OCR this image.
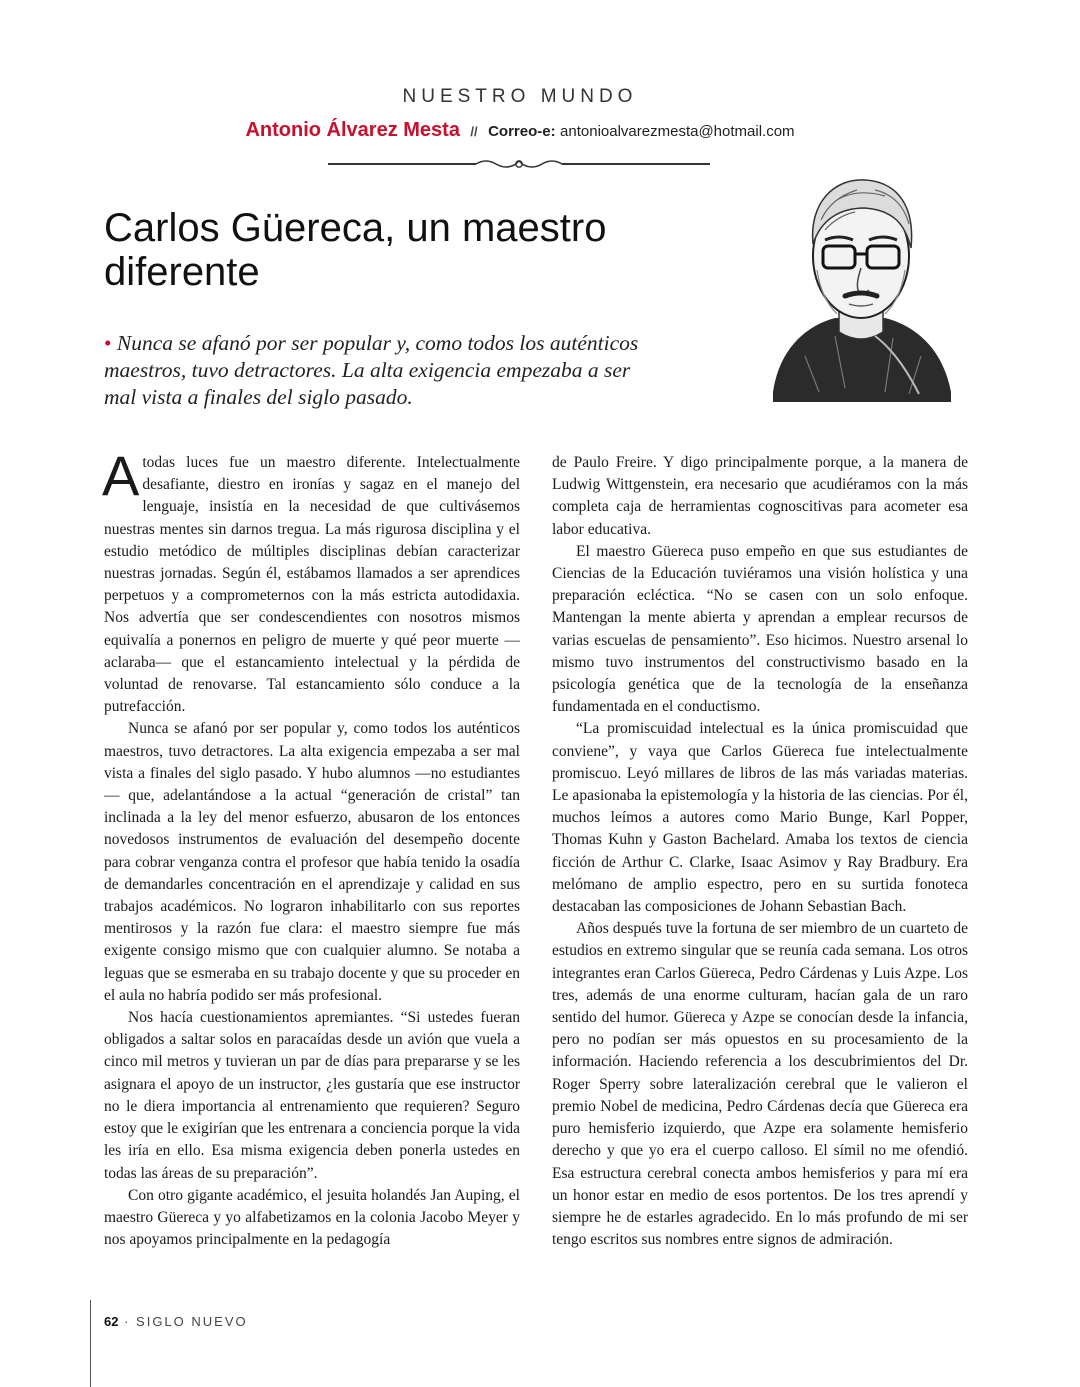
NUESTRO MUNDO
Antonio Álvarez Mesta // Correo-e: antonioalvarezmesta@hotmail.com
Carlos Güereca, un maestro diferente

• Nunca se afanó por ser popular y, como todos los auténticos maestros, tuvo detractores. La alta exigencia empezaba a ser mal vista a finales del siglo pasado.

Atodas luces fue un maestro diferente. Intelectualmente desafiante, diestro en ironías y sagaz en el manejo del lenguaje, insistía en la necesidad de que cultivásemos nuestras mentes sin darnos tregua. La más rigurosa disciplina y el estudio metódico de múltiples disciplinas debían caracterizar nuestras jornadas. Según él, estábamos llamados a ser aprendices perpetuos y a comprometernos con la más estricta autodidaxia. Nos advertía que ser condescendientes con nosotros mismos equivalía a ponernos en peligro de muerte y qué peor muerte —aclaraba— que el estancamiento intelectual y la pérdida de voluntad de renovarse. Tal estancamiento sólo conduce a la putrefacción.

Nunca se afanó por ser popular y, como todos los auténticos maestros, tuvo detractores. La alta exigencia empezaba a ser mal vista a finales del siglo pasado. Y hubo alumnos —no estudiantes— que, adelantándose a la actual “generación de cristal” tan inclinada a la ley del menor esfuerzo, abusaron de los entonces novedosos instrumentos de evaluación del desempeño docente para cobrar venganza contra el profesor que había tenido la osadía de demandarles concentración en el aprendizaje y calidad en sus trabajos académicos. No lograron inhabilitarlo con sus reportes mentirosos y la razón fue clara: el maestro siempre fue más exigente consigo mismo que con cualquier alumno. Se notaba a leguas que se esmeraba en su trabajo docente y que su proceder en el aula no habría podido ser más profesional.

Nos hacía cuestionamientos apremiantes. “Si ustedes fueran obligados a saltar solos en paracaídas desde un avión que vuela a cinco mil metros y tuvieran un par de días para prepararse y se les asignara el apoyo de un instructor, ¿les gustaría que ese instructor no le diera importancia al entrenamiento que requieren? Seguro estoy que le exigirían que les entrenara a conciencia porque la vida les iría en ello. Esa misma exigencia deben ponerla ustedes en todas las áreas de su preparación”.

Con otro gigante académico, el jesuita holandés Jan Auping, el maestro Güereca y yo alfabetizamos en la colonia Jacobo Meyer y nos apoyamos principalmente en la pedagogía

de Paulo Freire. Y digo principalmente porque, a la manera de Ludwig Wittgenstein, era necesario que acudiéramos con la más completa caja de herramientas cognoscitivas para acometer esa labor educativa.

El maestro Güereca puso empeño en que sus estudiantes de Ciencias de la Educación tuviéramos una visión holística y una preparación ecléctica. “No se casen con un solo enfoque. Mantengan la mente abierta y aprendan a emplear recursos de varias escuelas de pensamiento”. Eso hicimos. Nuestro arsenal lo mismo tuvo instrumentos del constructivismo basado en la psicología genética que de la tecnología de la enseñanza fundamentada en el conductismo.

“La promiscuidad intelectual es la única promiscuidad que conviene”, y vaya que Carlos Güereca fue intelectualmente promiscuo. Leyó millares de libros de las más variadas materias. Le apasionaba la epistemología y la historia de las ciencias. Por él, muchos leímos a autores como Mario Bunge, Karl Popper, Thomas Kuhn y Gaston Bachelard. Amaba los textos de ciencia ficción de Arthur C. Clarke, Isaac Asimov y Ray Bradbury. Era melómano de amplio espectro, pero en su surtida fonoteca destacaban las composiciones de Johann Sebastian Bach.

Años después tuve la fortuna de ser miembro de un cuarteto de estudios en extremo singular que se reunía cada semana. Los otros integrantes eran Carlos Güereca, Pedro Cárdenas y Luis Azpe. Los tres, además de una enorme culturam, hacían gala de un raro sentido del humor. Güereca y Azpe se conocían desde la infancia, pero no podían ser más opuestos en su procesamiento de la información. Haciendo referencia a los descubrimientos del Dr. Roger Sperry sobre lateralización cerebral que le valieron el premio Nobel de medicina, Pedro Cárdenas decía que Güereca era puro hemisferio izquierdo, que Azpe era solamente hemisferio derecho y que yo era el cuerpo calloso. El símil no me ofendió. Esa estructura cerebral conecta ambos hemisferios y para mí era un honor estar en medio de esos portentos. De los tres aprendí y siempre he de estarles agradecido. En lo más profundo de mi ser tengo escritos sus nombres entre signos de admiración.

62 · SIGLO NUEVO
